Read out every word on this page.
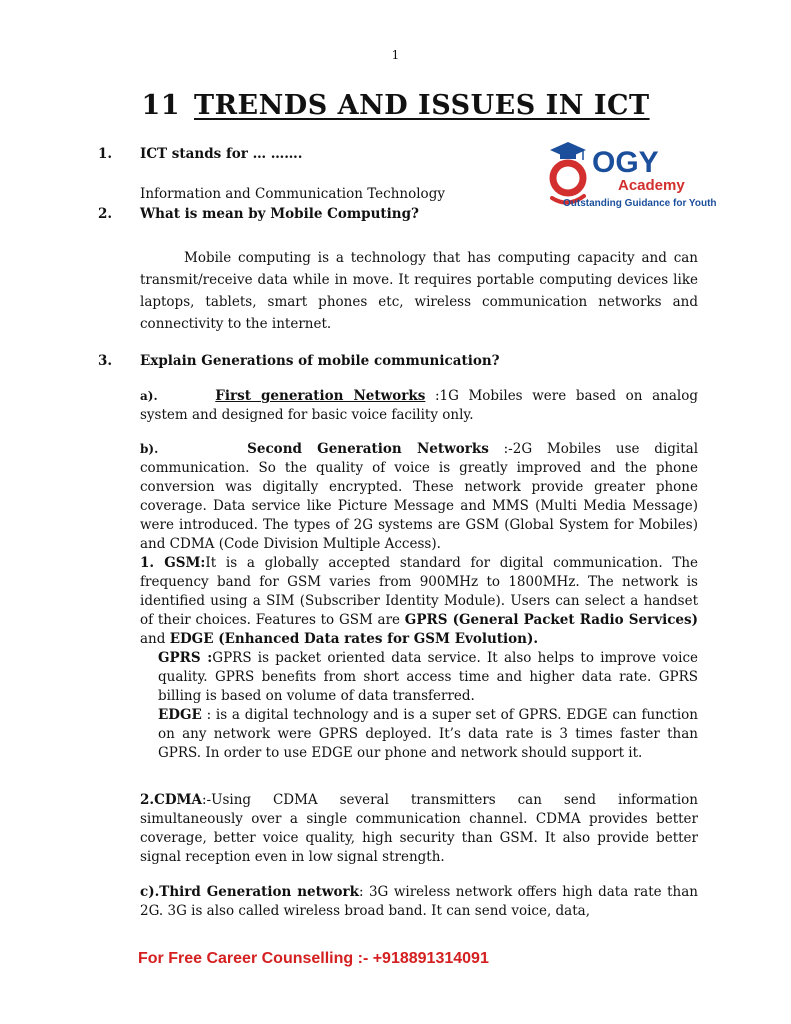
1
11 TRENDS AND ISSUES IN ICT
OGY
Academy
Outstanding Guidance for Youth
1. ICT stands for … …….
Information and Communication Technology
2. What is mean by Mobile Computing?
Mobile computing is a technology that has computing capacity and can transmit/receive data while in move. It requires portable computing devices like laptops, tablets, smart phones etc, wireless communication networks and connectivity to the internet.
3. Explain Generations of mobile communication?
a).	First generation Networks :1G Mobiles were based on analog
system and designed for basic voice facility only.
b).	Second Generation Networks :-2G Mobiles use digital
communication. So the quality of voice is greatly improved and the phone conversion was digitally encrypted. These network provide greater phone coverage. Data service like Picture Message and MMS (Multi Media Message) were introduced. The types of 2G systems are GSM (Global System for Mobiles) and CDMA (Code Division Multiple Access).
1. GSM:It is a globally accepted standard for digital communication. The frequency band for GSM varies from 900MHz to 1800MHz. The network is identified using a SIM (Subscriber Identity Module). Users can select a handset of their choices. Features to GSM are GPRS (General Packet Radio Services) and EDGE (Enhanced Data rates for GSM Evolution).
GPRS :GPRS is packet oriented data service. It also helps to improve voice quality. GPRS benefits from short access time and higher data rate. GPRS billing is based on volume of data transferred.
EDGE : is a digital technology and is a super set of GPRS. EDGE can function on any network were GPRS deployed. It’s data rate is 3 times faster than GPRS. In order to use EDGE our phone and network should support it.
2.CDMA:-Using CDMA several transmitters can send information simultaneously over a single communication channel. CDMA provides better coverage, better voice quality, high security than GSM. It also provide better signal reception even in low signal strength.
c).Third Generation network: 3G wireless network offers high data rate than 2G. 3G is also called wireless broad band. It can send voice, data,
For Free Career Counselling :- +918891314091
